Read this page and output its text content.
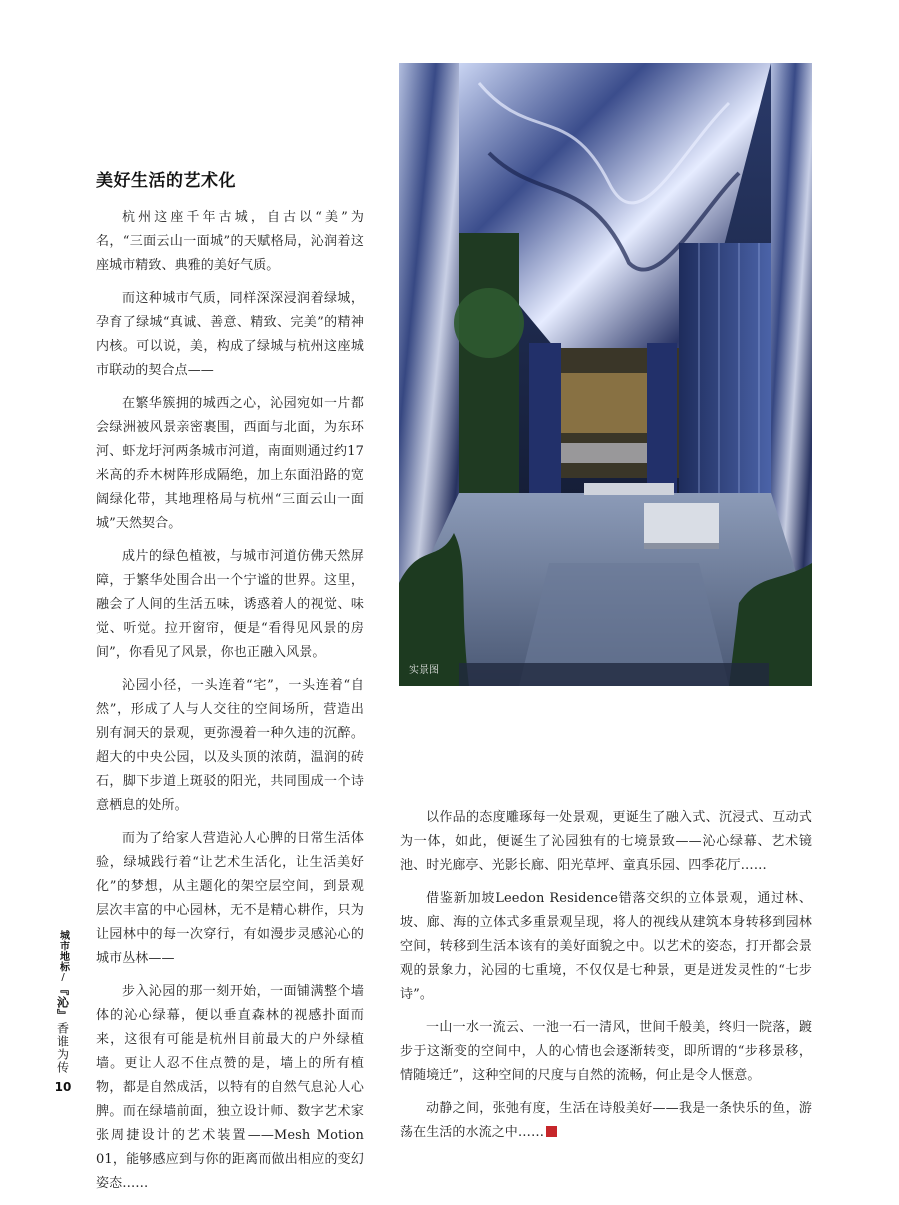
美好生活的艺术化

杭州这座千年古城，自古以“美”为名，“三面云山一面城”的天赋格局，沁润着这座城市精致、典雅的美好气质。

而这种城市气质，同样深深浸润着绿城，孕育了绿城“真诚、善意、精致、完美”的精神内核。可以说，美，构成了绿城与杭州这座城市联动的契合点——

在繁华簇拥的城西之心，沁园宛如一片都会绿洲被风景亲密裹围，西面与北面，为东环河、虾龙圩河两条城市河道，南面则通过约17米高的乔木树阵形成隔绝，加上东面沿路的宽阔绿化带，其地理格局与杭州“三面云山一面城”天然契合。

成片的绿色植被，与城市河道仿佛天然屏障，于繁华处围合出一个宁谧的世界。这里，融会了人间的生活五味，诱惑着人的视觉、味觉、听觉。拉开窗帘，便是“看得见风景的房间”，你看见了风景，你也正融入风景。

沁园小径，一头连着“宅”，一头连着“自然”，形成了人与人交往的空间场所，营造出别有洞天的景观，更弥漫着一种久违的沉醉。超大的中央公园，以及头顶的浓荫，温润的砖石，脚下步道上斑驳的阳光，共同围成一个诗意栖息的处所。

而为了给家人营造沁人心脾的日常生活体验，绿城践行着“让艺术生活化，让生活美好化”的梦想，从主题化的架空层空间，到景观层次丰富的中心园林，无不是精心耕作，只为让园林中的每一次穿行，有如漫步灵感沁心的城市丛林——

步入沁园的那一刻开始，一面铺满整个墙体的沁心绿幕，便以垂直森林的视感扑面而来，这很有可能是杭州目前最大的户外绿植墙。更让人忍不住点赞的是，墙上的所有植物，都是自然成活，以特有的自然气息沁人心脾。而在绿墙前面，独立设计师、数字艺术家张周捷设计的艺术装置——Mesh Motion 01，能够感应到与你的距离而做出相应的变幻姿态……

实景图

以作品的态度雕琢每一处景观，更诞生了融入式、沉浸式、互动式为一体，如此，便诞生了沁园独有的七境景致——沁心绿幕、艺术镜池、时光廊亭、光影长廊、阳光草坪、童真乐园、四季花厅……

借鉴新加坡Leedon Residence错落交织的立体景观，通过林、坡、廊、海的立体式多重景观呈现，将人的视线从建筑本身转移到园林空间，转移到生活本该有的美好面貌之中。以艺术的姿态，打开都会景观的景象力，沁园的七重境，不仅仅是七种景，更是迸发灵性的“七步诗”。

一山一水一流云、一池一石一清风，世间千般美，终归一院落，踱步于这渐变的空间中，人的心情也会逐渐转变，即所谓的“步移景移，情随境迁”，这种空间的尺度与自然的流畅，何止是令人惬意。

动静之间，张弛有度，生活在诗般美好——我是一条快乐的鱼，游荡在生活的水流之中……

城市地标
/
『沁』
香谁为传
10
